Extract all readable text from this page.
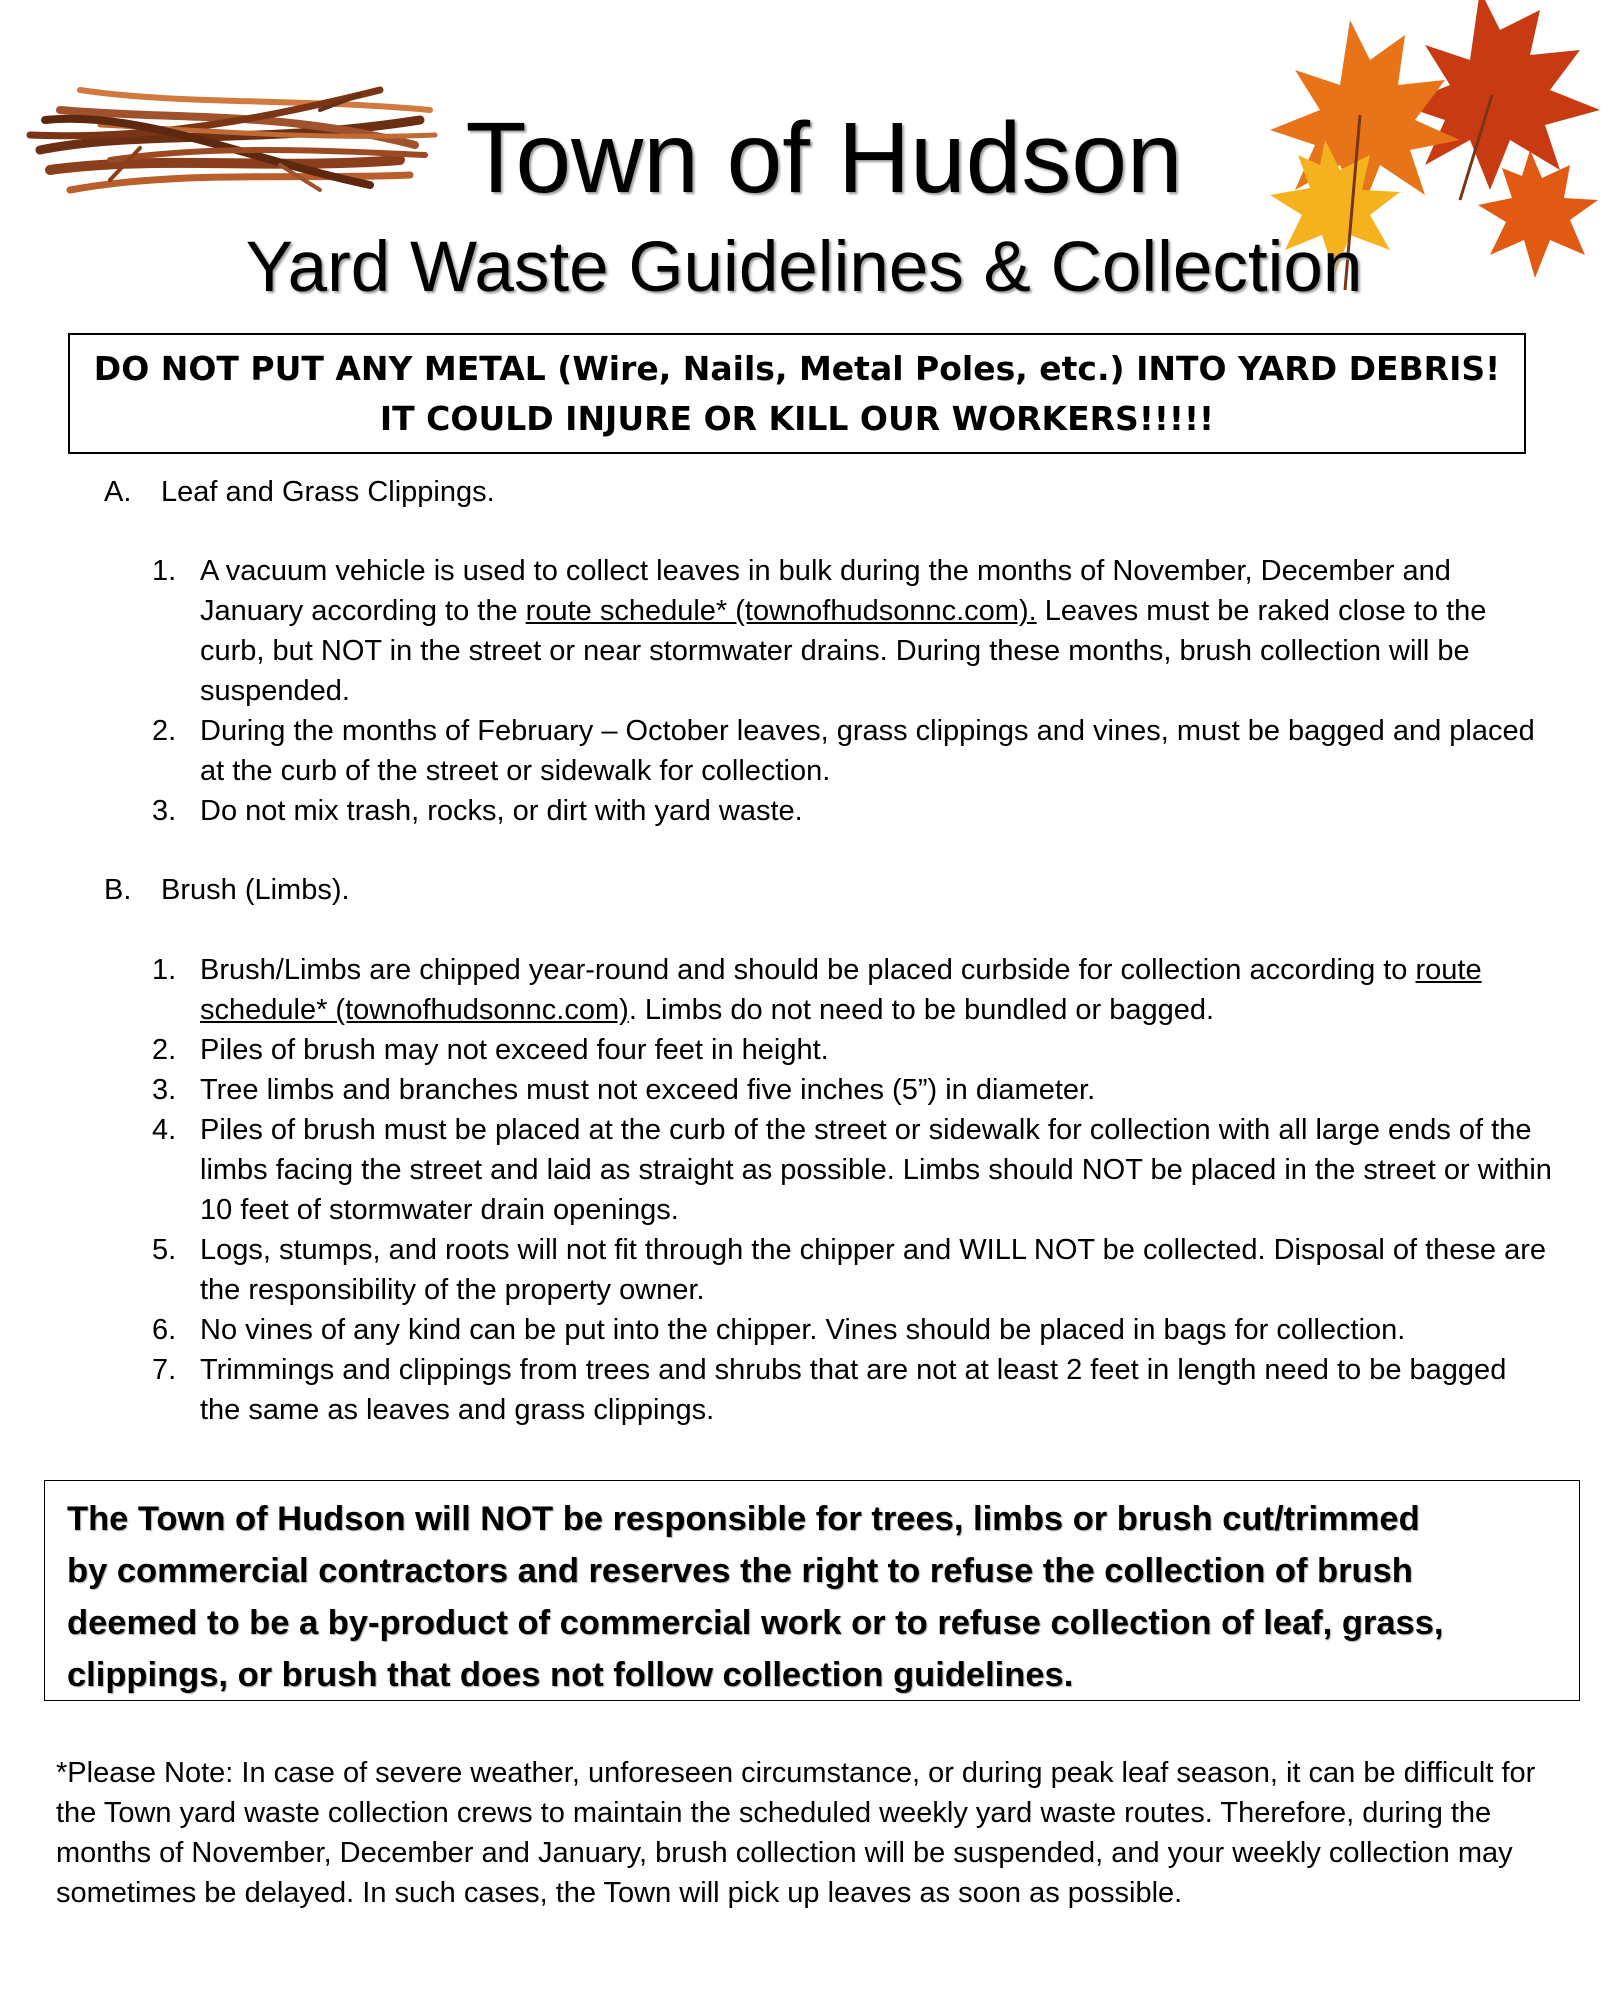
Town of Hudson
Yard Waste Guidelines & Collection
DO NOT PUT ANY METAL (Wire, Nails, Metal Poles, etc.) INTO YARD DEBRIS!
IT COULD INJURE OR KILL OUR WORKERS!!!!!
A. Leaf and Grass Clippings.
1. A vacuum vehicle is used to collect leaves in bulk during the months of November, December and January according to the route schedule* (townofhudsonnc.com). Leaves must be raked close to the curb, but NOT in the street or near stormwater drains. During these months, brush collection will be suspended.
2. During the months of February – October leaves, grass clippings and vines, must be bagged and placed at the curb of the street or sidewalk for collection.
3. Do not mix trash, rocks, or dirt with yard waste.
B. Brush (Limbs).
1. Brush/Limbs are chipped year-round and should be placed curbside for collection according to route schedule* (townofhudsonnc.com). Limbs do not need to be bundled or bagged.
2. Piles of brush may not exceed four feet in height.
3. Tree limbs and branches must not exceed five inches (5”) in diameter.
4. Piles of brush must be placed at the curb of the street or sidewalk for collection with all large ends of the limbs facing the street and laid as straight as possible. Limbs should NOT be placed in the street or within 10 feet of stormwater drain openings.
5. Logs, stumps, and roots will not fit through the chipper and WILL NOT be collected. Disposal of these are the responsibility of the property owner.
6. No vines of any kind can be put into the chipper. Vines should be placed in bags for collection.
7. Trimmings and clippings from trees and shrubs that are not at least 2 feet in length need to be bagged the same as leaves and grass clippings.
The Town of Hudson will NOT be responsible for trees, limbs or brush cut/trimmed
by commercial contractors and reserves the right to refuse the collection of brush
deemed to be a by-product of commercial work or to refuse collection of leaf, grass,
clippings, or brush that does not follow collection guidelines.
*Please Note: In case of severe weather, unforeseen circumstance, or during peak leaf season, it can be difficult for the Town yard waste collection crews to maintain the scheduled weekly yard waste routes. Therefore, during the months of November, December and January, brush collection will be suspended, and your weekly collection may sometimes be delayed. In such cases, the Town will pick up leaves as soon as possible.
